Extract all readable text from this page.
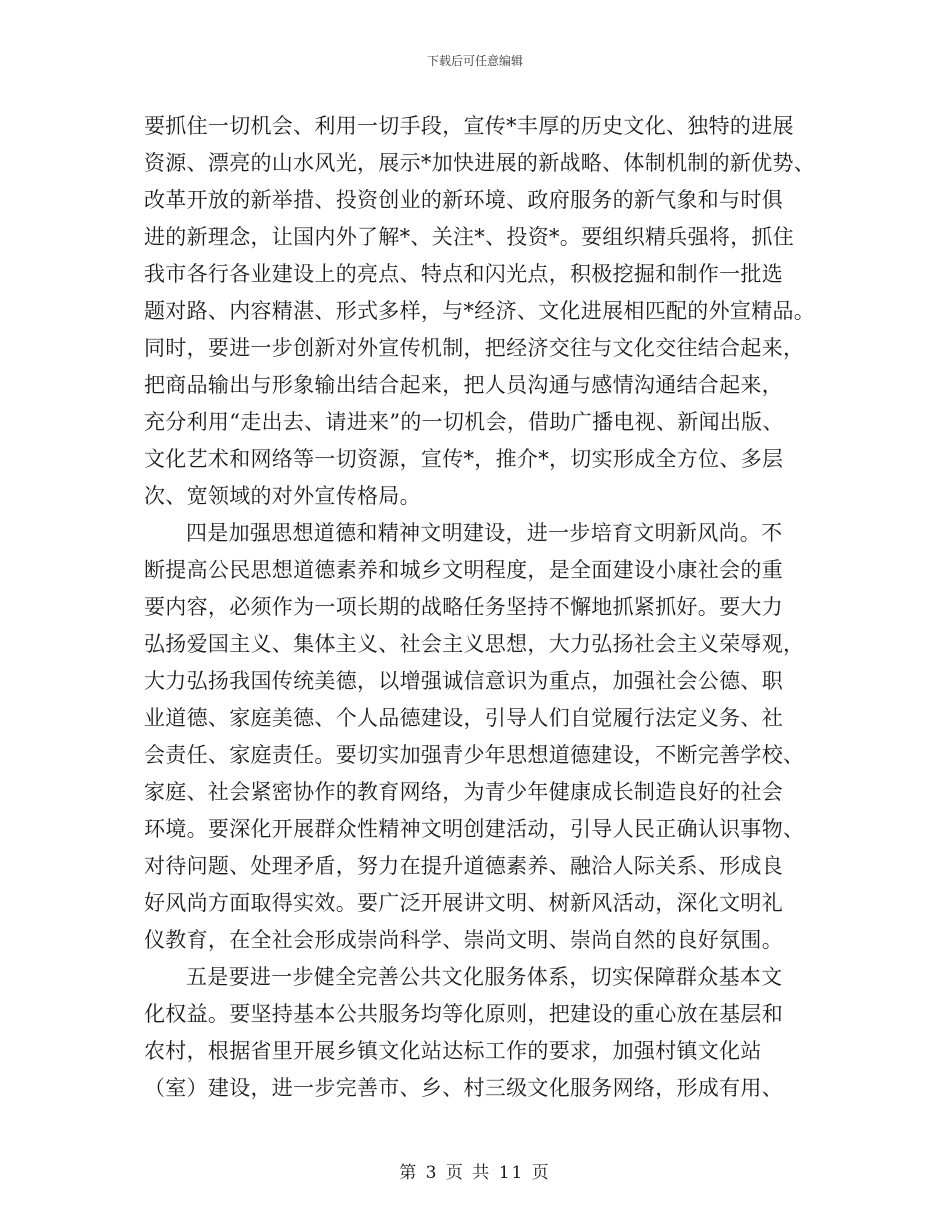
下载后可任意编辑
要抓住一切机会、利用一切手段，宣传*丰厚的历史文化、独特的进展
资源、漂亮的山水风光，展示*加快进展的新战略、体制机制的新优势、
改革开放的新举措、投资创业的新环境、政府服务的新气象和与时俱
进的新理念，让国内外了解*、关注*、投资*。要组织精兵强将，抓住
我市各行各业建设上的亮点、特点和闪光点，积极挖掘和制作一批选
题对路、内容精湛、形式多样，与*经济、文化进展相匹配的外宣精品。
同时，要进一步创新对外宣传机制，把经济交往与文化交往结合起来，
把商品输出与形象输出结合起来，把人员沟通与感情沟通结合起来，
充分利用“走出去、请进来”的一切机会，借助广播电视、新闻出版、
文化艺术和网络等一切资源，宣传*，推介*，切实形成全方位、多层
次、宽领域的对外宣传格局。
四是加强思想道德和精神文明建设，进一步培育文明新风尚。不
断提高公民思想道德素养和城乡文明程度，是全面建设小康社会的重
要内容，必须作为一项长期的战略任务坚持不懈地抓紧抓好。要大力
弘扬爱国主义、集体主义、社会主义思想，大力弘扬社会主义荣辱观，
大力弘扬我国传统美德，以增强诚信意识为重点，加强社会公德、职
业道德、家庭美德、个人品德建设，引导人们自觉履行法定义务、社
会责任、家庭责任。要切实加强青少年思想道德建设，不断完善学校、
家庭、社会紧密协作的教育网络，为青少年健康成长制造良好的社会
环境。要深化开展群众性精神文明创建活动，引导人民正确认识事物、
对待问题、处理矛盾，努力在提升道德素养、融洽人际关系、形成良
好风尚方面取得实效。要广泛开展讲文明、树新风活动，深化文明礼
仪教育，在全社会形成崇尚科学、崇尚文明、崇尚自然的良好氛围。
五是要进一步健全完善公共文化服务体系，切实保障群众基本文
化权益。要坚持基本公共服务均等化原则，把建设的重心放在基层和
农村，根据省里开展乡镇文化站达标工作的要求，加强村镇文化站
（室）建设，进一步完善市、乡、村三级文化服务网络，形成有用、
第 3 页 共 11 页
